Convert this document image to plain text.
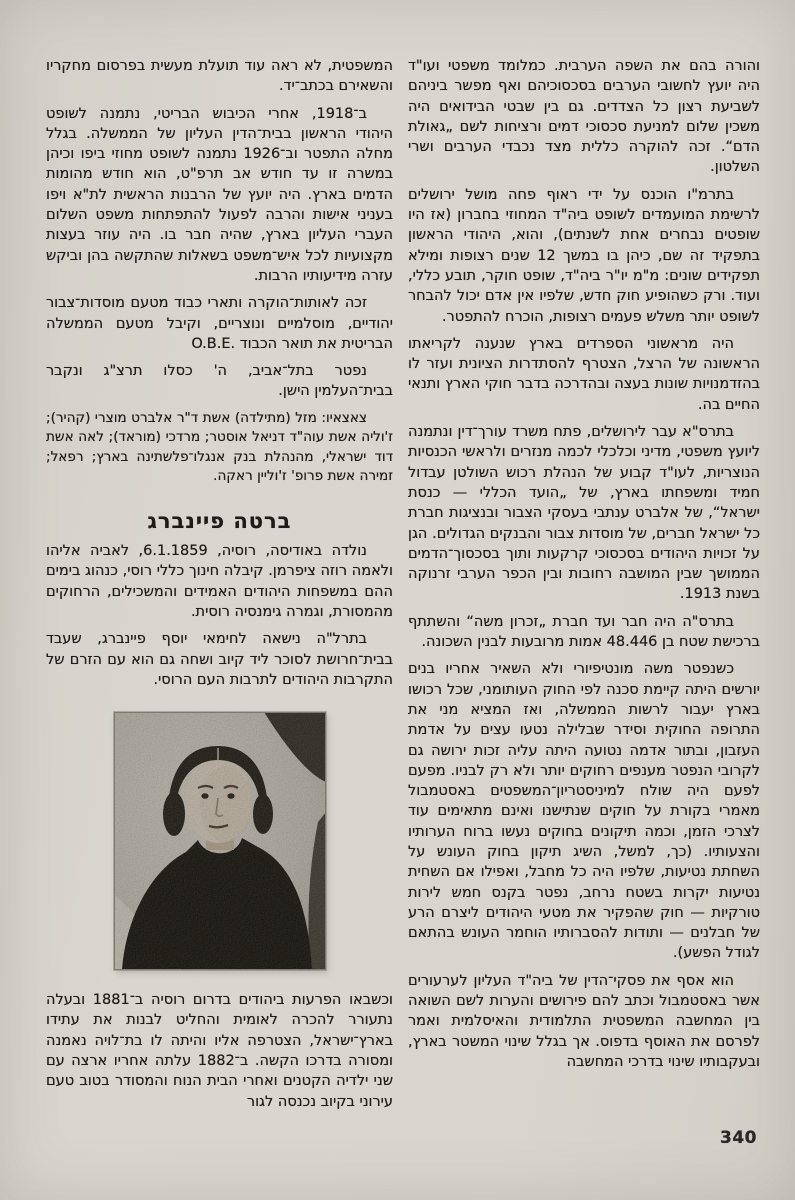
והורה בהם את השפה הערבית. כמלומד משפטי ועו"ד היה יועץ לחשובי הערבים בסכסוכיהם ואף מפשר ביניהם לשביעת רצון כל הצדדים. גם בין שבטי הבידואים היה משכין שלום למניעת סכסוכי דמים ורציחות לשם „גאולת הדם“. זכה להוקרה כללית מצד נכבדי הערבים ושרי השלטון.

בתרמ"ו הוכנס על ידי ראוף פחה מושל ירושלים לרשימת המועמדים לשופט ביה"ד המחוזי בחברון (אז היו שופטים נבחרים אחת לשנתים), והוא, היהודי הראשון בתפקיד זה שם, כיהן בו במשך 12 שנים רצופות ומילא תפקידים שונים: מ"מ יו"ר ביה"ד, שופט חוקר, תובע כללי, ועוד. ורק כשהופיע חוק חדש, שלפיו אין אדם יכול להבחר לשופט יותר משלש פעמים רצופות, הוכרח להתפטר.

היה מראשוני הספרדים בארץ שנענה לקריאתו הראשונה של הרצל, הצטרף להסתדרות הציונית ועזר לו בהזדמנויות שונות בעצה ובהדרכה בדבר חוקי הארץ ותנאי החיים בה.

בתרס"א עבר לירושלים, פתח משרד עורך־דין ונתמנה ליועץ משפטי, מדיני וכלכלי לכמה מנזרים ולראשי הכנסיות הנוצריות, לעו"ד קבוע של הנהלת רכוש השולטן עבדול חמיד ומשפחתו בארץ, של „הועד הכללי — כנסת ישראל“, של אלברט ענתבי בעסקי הצבור ובנציגות חברת כל ישראל חברים, של מוסדות צבור והבנקים הגדולים. הגן על זכויות היהודים בסכסוכי קרקעות ותוך בסכסוך־הדמים הממושך שבין המושבה רחובות ובין הכפר הערבי זרנוקה בשנת 1913.

בתרס"ה היה חבר ועד חברת „זכרון משה“ והשתתף ברכישת שטח בן 48.446 אמות מרובעות לבנין השכונה.

כשנפטר משה מונטיפיורי ולא השאיר אחריו בנים יורשים היתה קיימת סכנה לפי החוק העותומני, שכל רכושו בארץ יעבור לרשות הממשלה, ואז המציא מני את התרופה החוקית וסידר שבלילה נטעו עצים על אדמת העזבון, ובתור אדמה נטועה היתה עליה זכות ירושה גם לקרובי הנפטר מענפים רחוקים יותר ולא רק לבניו. מפעם לפעם היה שולח למיניסטריון־המשפטים באסטמבול מאמרי בקורת על חוקים שנתישנו ואינם מתאימים עוד לצרכי הזמן, וכמה תיקונים בחוקים נעשו ברוח הערותיו והצעותיו. (כך, למשל, השיג תיקון בחוק העונש על השחתת נטיעות, שלפיו היה כל מחבל, ואפילו אם השחית נטיעות יקרות בשטח נרחב, נפטר בקנס חמש לירות טורקיות — חוק שהפקיר את מטעי היהודים ליצרם הרע של חבלנים — ותודות להסברותיו הוחמר העונש בהתאם לגודל הפשע).

הוא אסף את פסקי־הדין של ביה"ד העליון לערעורים אשר באסטמבול וכתב להם פירושים והערות לשם השואה בין המחשבה המשפטית התלמודית והאיסלמית ואמר לפרסם את האוסף בדפוס. אך בגלל שינוי המשטר בארץ, ובעקבותיו שינוי בדרכי המחשבה

המשפטית, לא ראה עוד תועלת מעשית בפרסום מחקריו והשאירם בכתב־יד.

ב־1918, אחרי הכיבוש הבריטי, נתמנה לשופט היהודי הראשון בבית־הדין העליון של הממשלה. בגלל מחלה התפטר וב־1926 נתמנה לשופט מחוזי ביפו וכיהן במשרה זו עד חודש אב תרפ"ט, הוא חודש מהומות הדמים בארץ. היה יועץ של הרבנות הראשית לת"א ויפו בעניני אישות והרבה לפעול להתפתחות משפט השלום העברי העליון בארץ, שהיה חבר בו. היה עוזר בעצות מקצועיות לכל איש־משפט בשאלות שהתקשה בהן וביקש עזרה מידיעותיו הרבות.

זכה לאותות־הוקרה ותארי כבוד מטעם מוסדות־צבור יהודיים, מוסלמיים ונוצריים, וקיבל מטעם הממשלה הבריטית את תואר הכבוד .O.B.E

נפטר בתל־אביב, ה' כסלו תרצ"ג ונקבר בבית־העלמין הישן.

צאצאיו: מזל (מתילדה) אשת ד"ר אלברט מוצרי (קהיר); ז'וליה אשת עוה"ד דניאל אוסטר; מרדכי (מוראד); לאה אשת דוד ישראלי, מהנהלת בנק אנגלו־פלשתינה בארץ; רפאל; זמירה אשת פרופ' ז'וליין ראקה.

ברטה פיינברג

נולדה באודיסה, רוסיה, 6.1.1859, לאביה אליהו ולאמה רוזה ציפרמן. קיבלה חינוך כללי רוסי, כנהוג בימים ההם במשפחות היהודים האמידים והמשכילים, הרחוקים מהמסורת, וגמרה גימנסיה רוסית.

בתרל"ה נישאה לחימאי יוסף פיינברג, שעבד בבית־חרושת לסוכר ליד קיוב ושחה גם הוא עם הזרם של התקרבות היהודים לתרבות העם הרוסי.

וכשבאו הפרעות ביהודים בדרום רוסיה ב־1881 ובעלה נתעורר להכרה לאומית והחליט לבנות את עתידו בארץ־ישראל, הצטרפה אליו והיתה לו בת־לויה נאמנה ומסורה בדרכו הקשה. ב־1882 עלתה אחריו ארצה עם שני ילדיה הקטנים ואחרי הבית הנוח והמסודר בטוב טעם עירוני בקיוב נכנסה לגור

340
